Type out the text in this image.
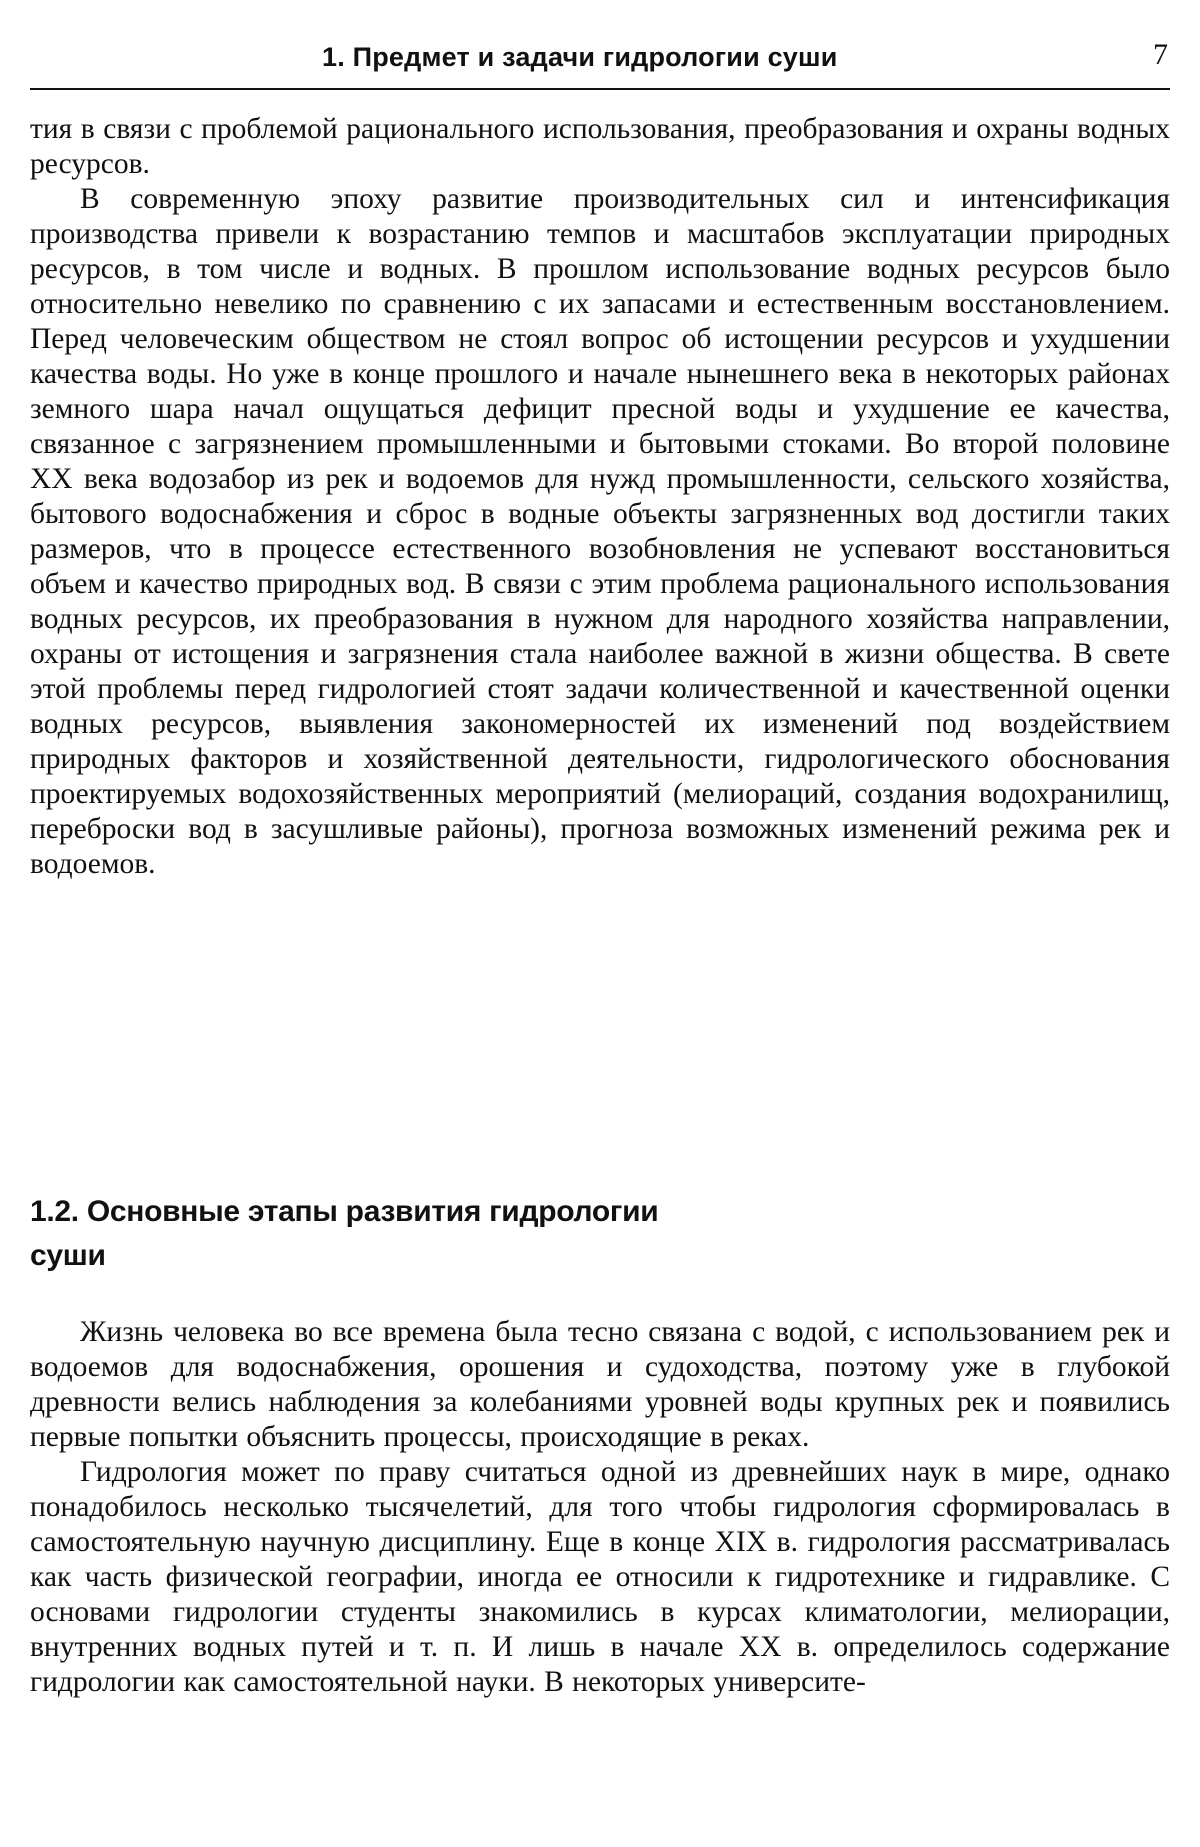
1. Предмет и задачи гидрологии суши	7

тия в связи с проблемой рационального использования, преобразования и охраны водных ресурсов.

В современную эпоху развитие производительных сил и интенсификация производства привели к возрастанию темпов и масштабов эксплуатации природных ресурсов, в том числе и водных. В прошлом использование водных ресурсов было относительно невелико по сравнению с их запасами и естественным восстановлением. Перед человеческим обществом не стоял вопрос об истощении ресурсов и ухудшении качества воды. Но уже в конце прошлого и начале нынешнего века в некоторых районах земного шара начал ощущаться дефицит пресной воды и ухудшение ее качества, связанное с загрязнением промышленными и бытовыми стоками. Во второй половине XX века водозабор из рек и водоемов для нужд промышленности, сельского хозяйства, бытового водоснабжения и сброс в водные объекты загрязненных вод достигли таких размеров, что в процессе естественного возобновления не успевают восстановиться объем и качество природных вод. В связи с этим проблема рационального использования водных ресурсов, их преобразования в нужном для народного хозяйства направлении, охраны от истощения и загрязнения стала наиболее важной в жизни общества. В свете этой проблемы перед гидрологией стоят задачи количественной и качественной оценки водных ресурсов, выявления закономерностей их изменений под воздействием природных факторов и хозяйственной деятельности, гидрологического обоснования проектируемых водохозяйственных мероприятий (мелиораций, создания водохранилищ, переброски вод в засушливые районы), прогноза возможных изменений режима рек и водоемов.

1.2. Основные этапы развития гидрологии
суши

Жизнь человека во все времена была тесно связана с водой, с использованием рек и водоемов для водоснабжения, орошения и судоходства, поэтому уже в глубокой древности велись наблюдения за колебаниями уровней воды крупных рек и появились первые попытки объяснить процессы, происходящие в реках.

Гидрология может по праву считаться одной из древнейших наук в мире, однако понадобилось несколько тысячелетий, для того чтобы гидрология сформировалась в самостоятельную научную дисциплину. Еще в конце XIX в. гидрология рассматривалась как часть физической географии, иногда ее относили к гидротехнике и гидравлике. С основами гидрологии студенты знакомились в курсах климатологии, мелиорации, внутренних водных путей и т. п. И лишь в начале XX в. определилось содержание гидрологии как самостоятельной науки. В некоторых университе-
